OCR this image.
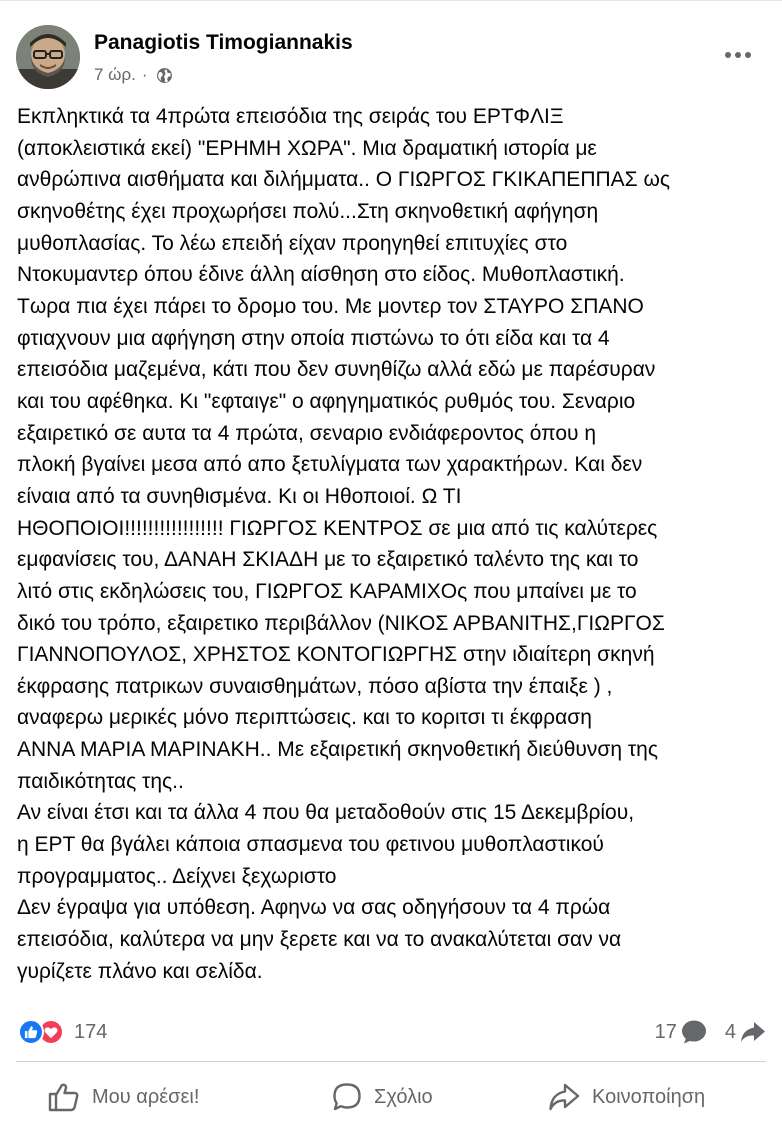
Panagiotis Timogiannakis
7 ώρ. ·
Εκπληκτικά τα 4πρώτα επεισόδια της σειράς του ΕΡΤΦΛΙΞ
(αποκλειστικά εκεί) "ΕΡΗΜΗ ΧΩΡΑ". Μια δραματική ιστορία με
ανθρώπινα αισθήματα και διλήμματα.. Ο ΓΙΩΡΓΟΣ ΓΚΙΚΑΠΕΠΠΑΣ ως
σκηνοθέτης έχει προχωρήσει πολύ...Στη σκηνοθετική αφήγηση
μυθοπλασίας. Το λέω επειδή είχαν προηγηθεί επιτυχίες στο
Ντοκυμαντερ όπου έδινε άλλη αίσθηση στο είδος. Μυθοπλαστική.
Τωρα πια έχει πάρει το δρομο του. Με μοντερ τον ΣΤΑΥΡΟ ΣΠΑΝΟ
φτιαχνουν μια αφήγηση στην οποία πιστώνω το ότι είδα και τα 4
επεισόδια μαζεμένα, κάτι που δεν συνηθίζω αλλά εδώ με παρέσυραν
και του αφέθηκα. Κι "εφταιγε" ο αφηγηματικός ρυθμός του. Σεναριο
εξαιρετικό σε αυτα τα 4 πρώτα, σεναριο ενδιάφεροντος όπου η
πλοκή βγαίνει μεσα από απο ξετυλίγματα των χαρακτήρων. Και δεν
είναια από τα συνηθισμένα. Κι οι Ηθοποιοί. Ω ΤΙ
ΗΘΟΠΟΙΟΙ!!!!!!!!!!!!!!!!! ΓΙΩΡΓΟΣ ΚΕΝΤΡΟΣ σε μια από τις καλύτερες
εμφανίσεις του, ΔΑΝΑΗ ΣΚΙΑΔΗ με το εξαιρετικό ταλέντο της και το
λιτό στις εκδηλώσεις του, ΓΙΩΡΓΟΣ ΚΑΡΑΜΙΧΟς που μπαίνει με το
δικό του τρόπο, εξαιρετικο περιβάλλον (ΝΙΚΟΣ ΑΡΒΑΝΙΤΗΣ,ΓΙΩΡΓΟΣ
ΓΙΑΝΝΟΠΟΥΛΟΣ, ΧΡΗΣΤΟΣ ΚΟΝΤΟΓΙΩΡΓΗΣ στην ιδιαίτερη σκηνή
έκφρασης πατρικων συναισθημάτων, πόσο αβίστα την έπαιξε ) ,
αναφερω μερικές μόνο περιπτώσεις. και το κοριτσι τι έκφραση
ΑΝΝΑ ΜΑΡΙΑ ΜΑΡΙΝΑΚΗ.. Με εξαιρετική σκηνοθετική διεύθυνση της
παιδικότητας της..
Αν είναι έτσι και τα άλλα 4 που θα μεταδοθούν στις 15 Δεκεμβρίου,
η ΕΡΤ θα βγάλει κάποια σπασμενα του φετινου μυθοπλαστικού
προγραμματος.. Δείχνει ξεχωριστο
Δεν έγραψα για υπόθεση. Αφηνω να σας οδηγήσουν τα 4 πρώα
επεισόδια, καλύτερα να μην ξερετε και να το ανακαλύτεται σαν να
γυρίζετε πλάνο και σελίδα.
174	17 4
Μου αρέσει!	Σχόλιο	Κοινοποίηση
